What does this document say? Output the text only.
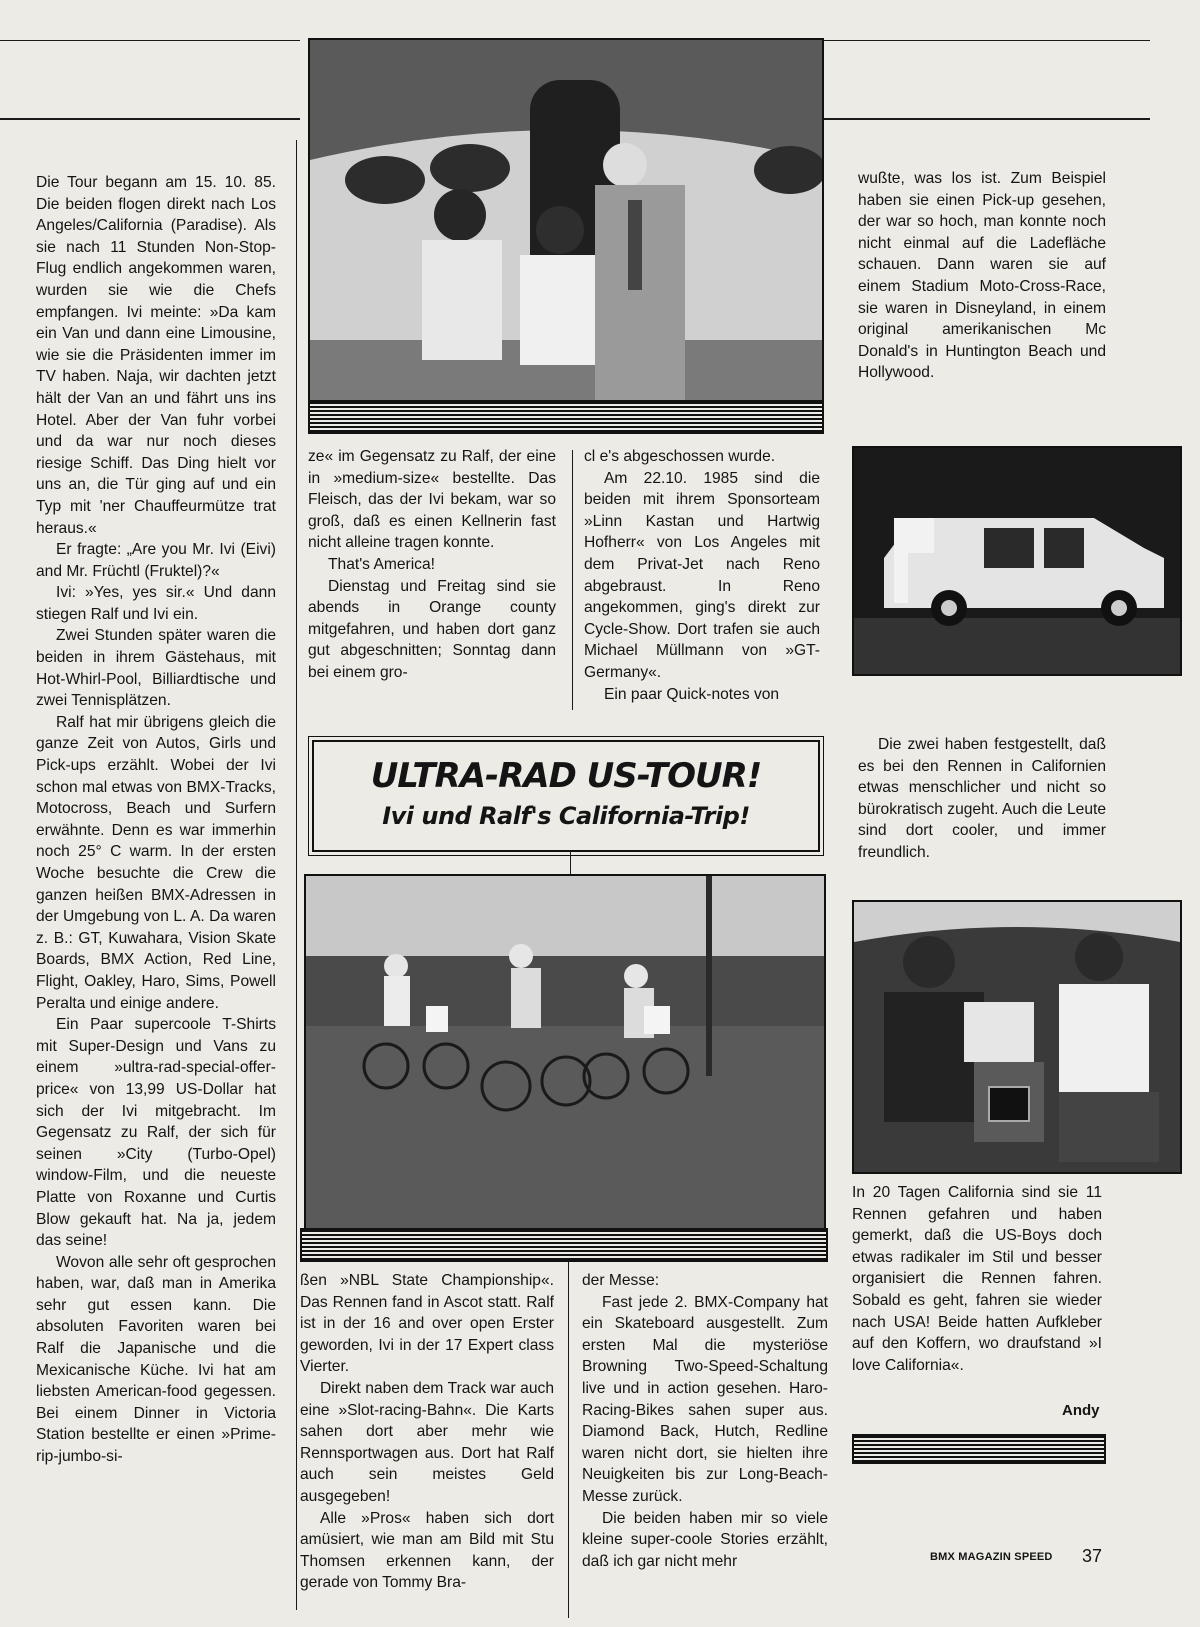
Die Tour begann am 15. 10. 85. Die beiden flogen direkt nach Los Angeles/California (Paradise). Als sie nach 11 Stunden Non-Stop-Flug endlich angekommen waren, wurden sie wie die Chefs empfangen. Ivi meinte: »Da kam ein Van und dann eine Limousine, wie sie die Präsidenten immer im TV haben. Naja, wir dachten jetzt hält der Van an und fährt uns ins Hotel. Aber der Van fuhr vorbei und da war nur noch dieses riesige Schiff. Das Ding hielt vor uns an, die Tür ging auf und ein Typ mit 'ner Chauffeurmütze trat heraus.«

Er fragte: „Are you Mr. Ivi (Eivi) and Mr. Früchtl (Fruktel)?«

Ivi: »Yes, yes sir.« Und dann stiegen Ralf und Ivi ein.

Zwei Stunden später waren die beiden in ihrem Gästehaus, mit Hot-Whirl-Pool, Billiardtische und zwei Tennisplätzen.

Ralf hat mir übrigens gleich die ganze Zeit von Autos, Girls und Pick-ups erzählt. Wobei der Ivi schon mal etwas von BMX-Tracks, Motocross, Beach und Surfern erwähnte. Denn es war immerhin noch 25° C warm. In der ersten Woche besuchte die Crew die ganzen heißen BMX-Adressen in der Umgebung von L. A. Da waren z. B.: GT, Kuwahara, Vision Skate Boards, BMX Action, Red Line, Flight, Oakley, Haro, Sims, Powell Peralta und einige andere.

Ein Paar supercoole T-Shirts mit Super-Design und Vans zu einem »ultra-rad-special-offer-price« von 13,99 US-Dollar hat sich der Ivi mitgebracht. Im Gegensatz zu Ralf, der sich für seinen »City (Turbo-Opel) window-Film, und die neueste Platte von Roxanne und Curtis Blow gekauft hat. Na ja, jedem das seine!

Wovon alle sehr oft gesprochen haben, war, daß man in Amerika sehr gut essen kann. Die absoluten Favoriten waren bei Ralf die Japanische und die Mexicanische Küche. Ivi hat am liebsten American-food gegessen. Bei einem Dinner in Victoria Station bestellte er einen »Prime-rip-jumbo-si-

ze« im Gegensatz zu Ralf, der eine in »medium-size« bestellte. Das Fleisch, das der Ivi bekam, war so groß, daß es einen Kellnerin fast nicht alleine tragen konnte.

That's America!

Dienstag und Freitag sind sie abends in Orange county mitgefahren, und haben dort ganz gut abgeschnitten; Sonntag dann bei einem gro-

cl e's abgeschossen wurde.

Am 22.10. 1985 sind die beiden mit ihrem Sponsorteam »Linn Kastan und Hartwig Hofherr« von Los Angeles mit dem Privat-Jet nach Reno abgebraust. In Reno angekommen, ging's direkt zur Cycle-Show. Dort trafen sie auch Michael Müllmann von »GT-Germany«.

Ein paar Quick-notes von

ULTRA-RAD US-TOUR!
Ivi und Ralf's California-Trip!

ßen »NBL State Championship«. Das Rennen fand in Ascot statt. Ralf ist in der 16 and over open Erster geworden, Ivi in der 17 Expert class Vierter.

Direkt naben dem Track war auch eine »Slot-racing-Bahn«. Die Karts sahen dort aber mehr wie Rennsportwagen aus. Dort hat Ralf auch sein meistes Geld ausgegeben!

Alle »Pros« haben sich dort amüsiert, wie man am Bild mit Stu Thomsen erkennen kann, der gerade von Tommy Bra-

der Messe:

Fast jede 2. BMX-Company hat ein Skateboard ausgestellt. Zum ersten Mal die mysteriöse Browning Two-Speed-Schaltung live und in action gesehen. Haro-Racing-Bikes sahen super aus. Diamond Back, Hutch, Redline waren nicht dort, sie hielten ihre Neuigkeiten bis zur Long-Beach-Messe zurück.

Die beiden haben mir so viele kleine super-coole Stories erzählt, daß ich gar nicht mehr

wußte, was los ist. Zum Beispiel haben sie einen Pick-up gesehen, der war so hoch, man konnte noch nicht einmal auf die Ladefläche schauen. Dann waren sie auf einem Stadium Moto-Cross-Race, sie waren in Disneyland, in einem original amerikanischen Mc Donald's in Huntington Beach und Hollywood.

Die zwei haben festgestellt, daß es bei den Rennen in Californien etwas menschlicher und nicht so bürokratisch zugeht. Auch die Leute sind dort cooler, und immer freundlich.

In 20 Tagen California sind sie 11 Rennen gefahren und haben gemerkt, daß die US-Boys doch etwas radikaler im Stil und besser organisiert die Rennen fahren. Sobald es geht, fahren sie wieder nach USA! Beide hatten Aufkleber auf den Koffern, wo draufstand »I love California«.

Andy
BMX MAGAZIN SPEED 37
